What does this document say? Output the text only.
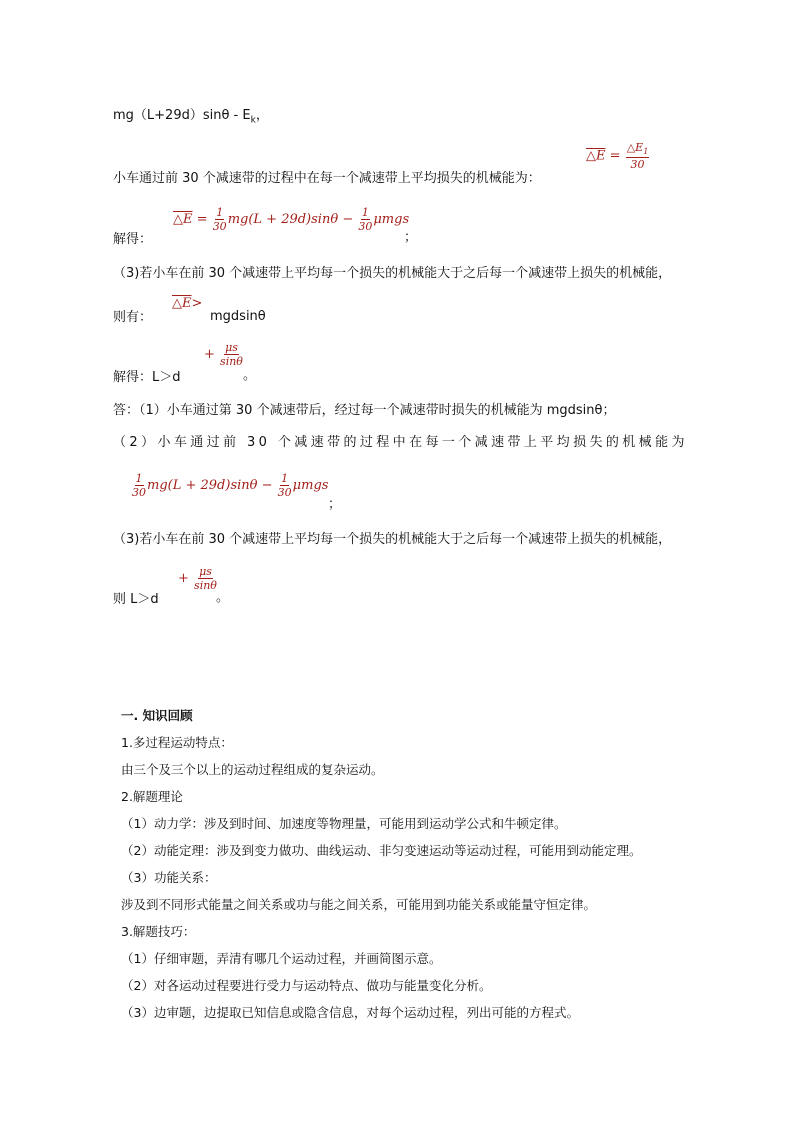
$mg(L+29d)\sin\theta - E_k$，
△E = $\frac{\triangle E_1}{30}$
小车通过前 30 个减速带的过程中在每一个减速带上平均损失的机械能为：
△E = $\frac{1}{30} mg(L + 29d)\sin\theta - \frac{1}{30}$ μmgs
解得：	；
（3)若小车在前 30 个减速带上平均每一个损失的机械能大于之后每一个减速带上损失的机械能，
△E>
则有：	mgdsinθ
+ $\frac{\mu s}{\sin\theta}$
解得：L＞d	。
答：（1）小车通过第 30 个减速带后，经过每一个减速带时损失的机械能为 mgdsinθ；
（2）小车通过前 30 个减速带的过程中在每一个减速带上平均损失的机械能为
$\frac{1}{30} mg(L + 29d)\sin\theta - \frac{1}{30}$ μmgs
；
（3)若小车在前 30 个减速带上平均每一个损失的机械能大于之后每一个减速带上损失的机械能，
+ $\frac{\mu s}{\sin\theta}$
则 L＞d	。
一. 知识回顾
1.多过程运动特点：
由三个及三个以上的运动过程组成的复杂运动。
2.解题理论
（1）动力学：涉及到时间、加速度等物理量，可能用到运动学公式和牛顿定律。
（2）动能定理：涉及到变力做功、曲线运动、非匀变速运动等运动过程，可能用到动能定理。
（3）功能关系：
涉及到不同形式能量之间关系或功与能之间关系，可能用到功能关系或能量守恒定律。
3.解题技巧：
（1）仔细审题，弄清有哪几个运动过程，并画简图示意。
（2）对各运动过程要进行受力与运动特点、做功与能量变化分析。
（3）边审题，边提取已知信息或隐含信息，对每个运动过程，列出可能的方程式。
